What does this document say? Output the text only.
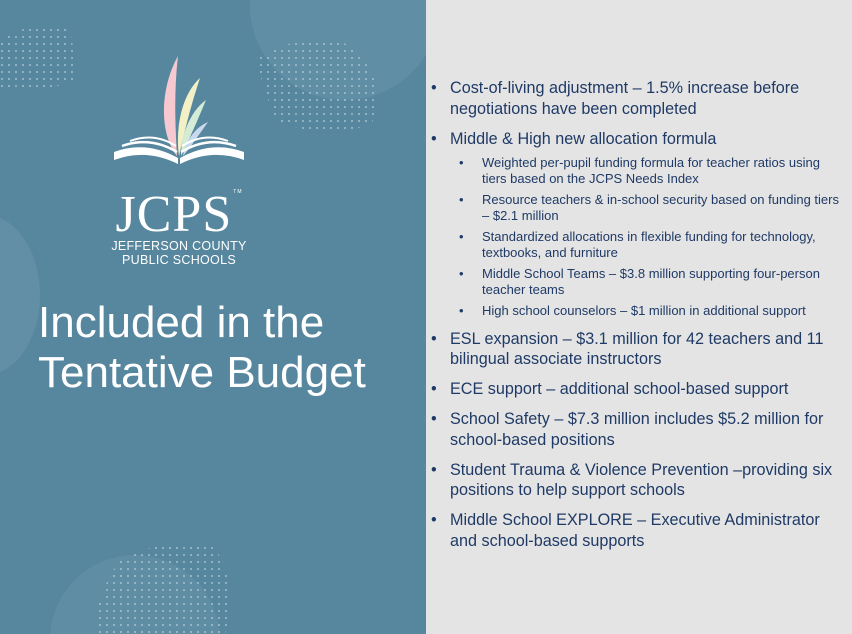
JCPS™
JEFFERSON COUNTY
PUBLIC SCHOOLS
Included in the
Tentative Budget
• Cost-of-living adjustment – 1.5% increase before negotiations have been completed
• Middle & High new allocation formula
• Weighted per-pupil funding formula for teacher ratios using tiers based on the JCPS Needs Index
• Resource teachers & in-school security based on funding tiers – $2.1 million
• Standardized allocations in flexible funding for technology, textbooks, and furniture
• Middle School Teams – $3.8 million supporting four-person teacher teams
• High school counselors – $1 million in additional support
• ESL expansion – $3.1 million for 42 teachers and 11 bilingual associate instructors
• ECE support – additional school-based support
• School Safety – $7.3 million includes $5.2 million for school-based positions
• Student Trauma & Violence Prevention –providing six positions to help support schools
• Middle School EXPLORE – Executive Administrator and school-based supports
